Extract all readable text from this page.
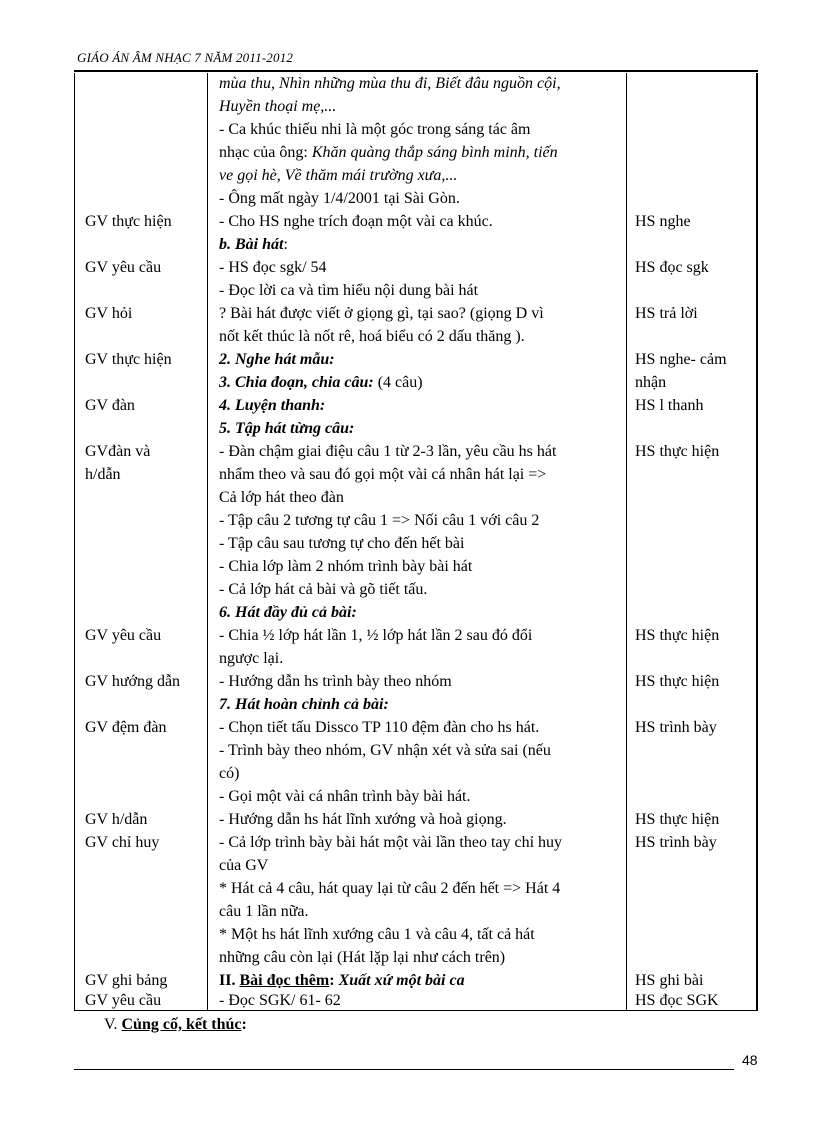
GIÁO ÁN ÂM NHẠC 7 NĂM 2011-2012
mùa thu, Nhìn những mùa thu đi, Biết đâu nguồn cội,
Huyền thoại mẹ,...
- Ca khúc thiếu nhi là một góc trong sáng tác âm
nhạc của ông: Khăn quàng thắp sáng bình minh, tiến
ve gọi hè, Về thăm mái trường xưa,...
- Ông mất ngày 1/4/2001 tại Sài Gòn.
GV thực hiện	- Cho HS nghe trích đoạn một vài ca khúc.	HS nghe
b. Bài hát:
GV yêu cầu	- HS đọc sgk/ 54	HS đọc sgk
- Đọc lời ca và tìm hiểu nội dung bài hát
GV hỏi	? Bài hát được viết ở giọng gì, tại sao? (giọng D vì	HS trả lời
nốt kết thúc là nốt rê, hoá biểu có 2 dấu thăng ).
GV thực hiện	2. Nghe hát mẫu:	HS nghe- cảm
3. Chia đoạn, chia câu: (4 câu)	nhận
GV đàn	4. Luyện thanh:	HS l thanh
5. Tập hát từng câu:
GVđàn và	- Đàn chậm giai điệu câu 1 từ 2-3 lần, yêu cầu hs hát	HS thực hiện
h/dẫn	nhẩm theo và sau đó gọi một vài cá nhân hát lại =>
Cả lớp hát theo đàn
- Tập câu 2 tương tự câu 1 => Nối câu 1 với câu 2
- Tập câu sau tương tự cho đến hết bài
- Chia lớp làm 2 nhóm trình bày bài hát
- Cả lớp hát cả bài và gõ tiết tấu.
6. Hát đầy đủ cả bài:
GV yêu cầu	- Chia ½ lớp hát lần 1, ½ lớp hát lần 2 sau đó đổi	HS thực hiện
ngược lại.
GV hướng dẫn - Hướng dẫn hs trình bày theo nhóm	HS thực hiện
7. Hát hoàn chỉnh cả bài:
GV đệm đàn	- Chọn tiết tấu Dissco TP 110 đệm đàn cho hs hát.	HS trình bày
- Trình bày theo nhóm, GV nhận xét và sửa sai (nếu
có)
- Gọi một vài cá nhân trình bày bài hát.
GV h/dẫn	- Hướng dẫn hs hát lĩnh xướng và hoà giọng.	HS thực hiện
GV chỉ huy	- Cả lớp trình bày bài hát một vài lần theo tay chỉ huy	HS trình bày
của GV
* Hát cả 4 câu, hát quay lại từ câu 2 đến hết => Hát 4
câu 1 lần nữa.
* Một hs hát lĩnh xướng câu 1 và câu 4, tất cả hát
những câu còn lại (Hát lặp lại như cách trên)
GV ghi bảng	II. Bài đọc thêm: Xuất xứ một bài ca	HS ghi bài
GV yêu cầu	- Đọc SGK/ 61- 62	HS đọc SGK
V. Củng cố, kết thúc:
48
